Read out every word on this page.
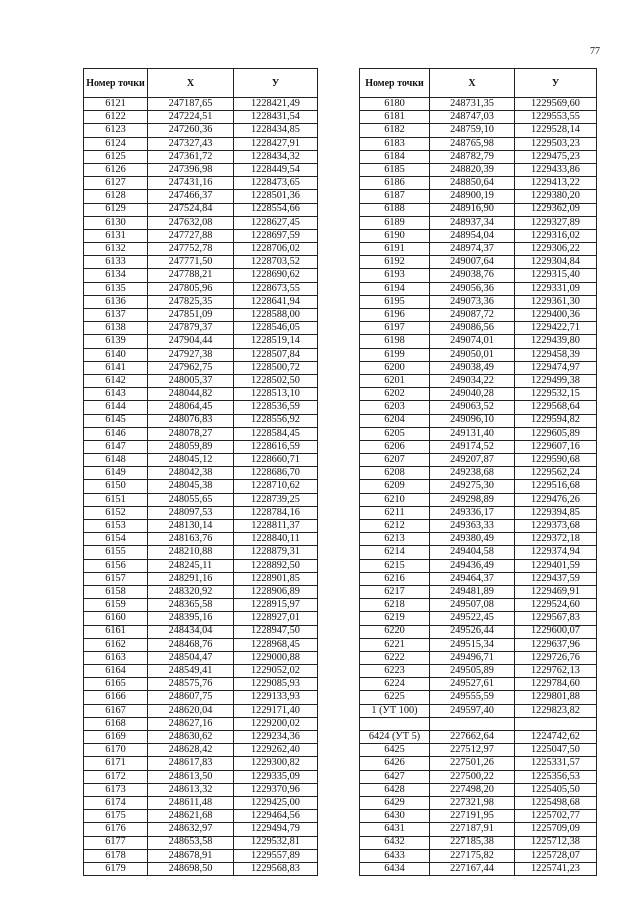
77
Номер точки	X	У
6121	247187,65	1228421,49
6122	247224,51	1228431,54
6123	247260,36	1228434,85
6124	247327,43	1228427,91
6125	247361,72	1228434,32
6126	247396,98	1228449,54
6127	247431,16	1228473,65
6128	247466,37	1228501,36
6129	247524,84	1228554,66
6130	247632,08	1228627,45
6131	247727,88	1228697,59
6132	247752,78	1228706,02
6133	247771,50	1228703,52
6134	247788,21	1228690,62
6135	247805,96	1228673,55
6136	247825,35	1228641,94
6137	247851,09	1228588,00
6138	247879,37	1228546,05
6139	247904,44	1228519,14
6140	247927,38	1228507,84
6141	247962,75	1228500,72
6142	248005,37	1228502,50
6143	248044,82	1228513,10
6144	248064,45	1228536,59
6145	248076,83	1228556,92
6146	248078,27	1228584,45
6147	248059,89	1228616,59
6148	248045,12	1228660,71
6149	248042,38	1228686,70
6150	248045,38	1228710,62
6151	248055,65	1228739,25
6152	248097,53	1228784,16
6153	248130,14	1228811,37
6154	248163,76	1228840,11
6155	248210,88	1228879,31
6156	248245,11	1228892,50
6157	248291,16	1228901,85
6158	248320,92	1228906,89
6159	248365,58	1228915,97
6160	248395,16	1228927,01
6161	248434,04	1228947,50
6162	248468,76	1228968,45
6163	248504,47	1229000,88
6164	248549,41	1229052,02
6165	248575,76	1229085,93
6166	248607,75	1229133,93
6167	248620,04	1229171,40
6168	248627,16	1229200,02
6169	248630,62	1229234,36
6170	248628,42	1229262,40
6171	248617,83	1229300,82
6172	248613,50	1229335,09
6173	248613,32	1229370,96
6174	248611,48	1229425,00
6175	248621,68	1229464,56
6176	248632,97	1229494,79
6177	248653,58	1229532,81
6178	248678,91	1229557,89
6179	248698,50	1229568,83
Номер точки	X	У
6180	248731,35	1229569,60
6181	248747,03	1229553,55
6182	248759,10	1229528,14
6183	248765,98	1229503,23
6184	248782,79	1229475,23
6185	248820,39	1229433,86
6186	248850,64	1229413,22
6187	248900,19	1229380,20
6188	248916,90	1229362,09
6189	248937,34	1229327,89
6190	248954,04	1229316,02
6191	248974,37	1229306,22
6192	249007,64	1229304,84
6193	249038,76	1229315,40
6194	249056,36	1229331,09
6195	249073,36	1229361,30
6196	249087,72	1229400,36
6197	249086,56	1229422,71
6198	249074,01	1229439,80
6199	249050,01	1229458,39
6200	249038,49	1229474,97
6201	249034,22	1229499,38
6202	249040,28	1229532,15
6203	249063,52	1229568,64
6204	249096,10	1229594,82
6205	249131,40	1229605,89
6206	249174,52	1229607,16
6207	249207,87	1229590,68
6208	249238,68	1229562,24
6209	249275,30	1229516,68
6210	249298,89	1229476,26
6211	249336,17	1229394,85
6212	249363,33	1229373,68
6213	249380,49	1229372,18
6214	249404,58	1229374,94
6215	249436,49	1229401,59
6216	249464,37	1229437,59
6217	249481,89	1229469,91
6218	249507,08	1229524,60
6219	249522,45	1229567,83
6220	249526,44	1229600,07
6221	249515,34	1229637,96
6222	249496,71	1229726,76
6223	249505,89	1229762,13
6224	249527,61	1229784,60
6225	249555,59	1229801,88
1 (УТ 100)	249597,40	1229823,82

6424 (УТ 5)	227662,64	1224742,62
6425	227512,97	1225047,50
6426	227501,26	1225331,57
6427	227500,22	1225356,53
6428	227498,20	1225405,50
6429	227321,98	1225498,68
6430	227191,95	1225702,77
6431	227187,91	1225709,09
6432	227185,38	1225712,38
6433	227175,82	1225728,07
6434	227167,44	1225741,23
